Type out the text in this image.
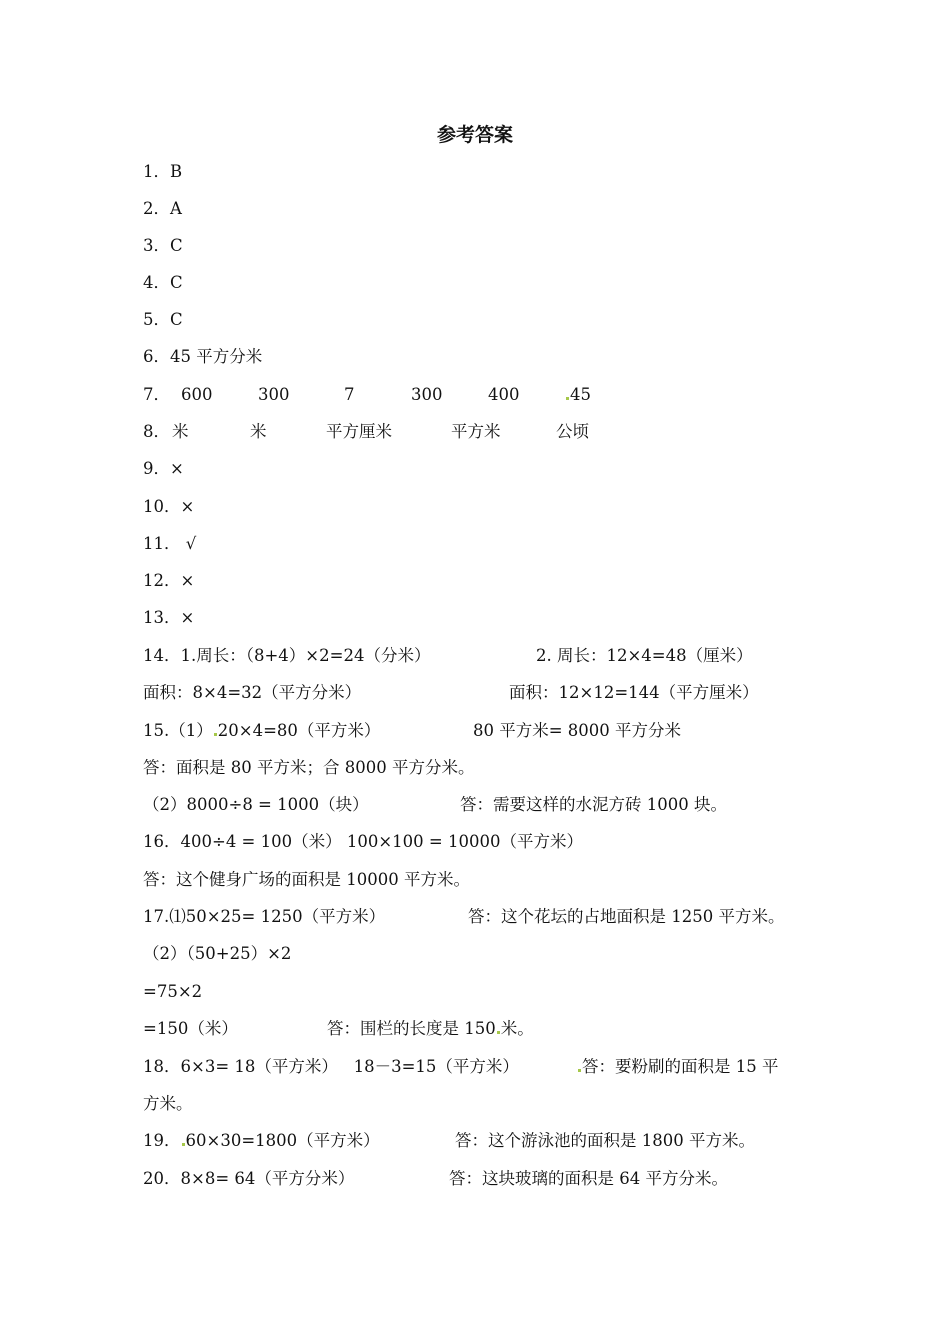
参考答案
1．B
2．A
3．C
4．C
5．C
6．45 平方分米
7． 600	300	7	300	400	45
8． 米	米	平方厘米	平方米	公顷
9．×
10．×
11． √
12．×
13．×
14．1.周长：（8+4）×2=24（分米）	2. 周长：12×4=48（厘米）
面积：8×4=32（平方分米）	面积：12×12=144（平方厘米）
15.（1） 20×4=80（平方米）	80 平方米= 8000 平方分米
答：面积是 80 平方米；合 8000 平方分米。
（2）8000÷8 = 1000（块）	答：需要这样的水泥方砖 1000 块。
16．400÷4 = 100（米） 100×100 = 10000（平方米）
答：这个健身广场的面积是 10000 平方米。
17.⑴50×25= 1250（平方米）	答：这个花坛的占地面积是 1250 平方米。
（2）（50+25）×2
=75×2
=150（米）	答：围栏的长度是 150 米。
18．6×3= 18（平方米）   18－3=15（平方米）	答：要粉刷的面积是 15 平
方米。
19． 60×30=1800（平方米）	答：这个游泳池的面积是 1800 平方米。
20．8×8= 64（平方分米）	答：这块玻璃的面积是 64 平方分米。
